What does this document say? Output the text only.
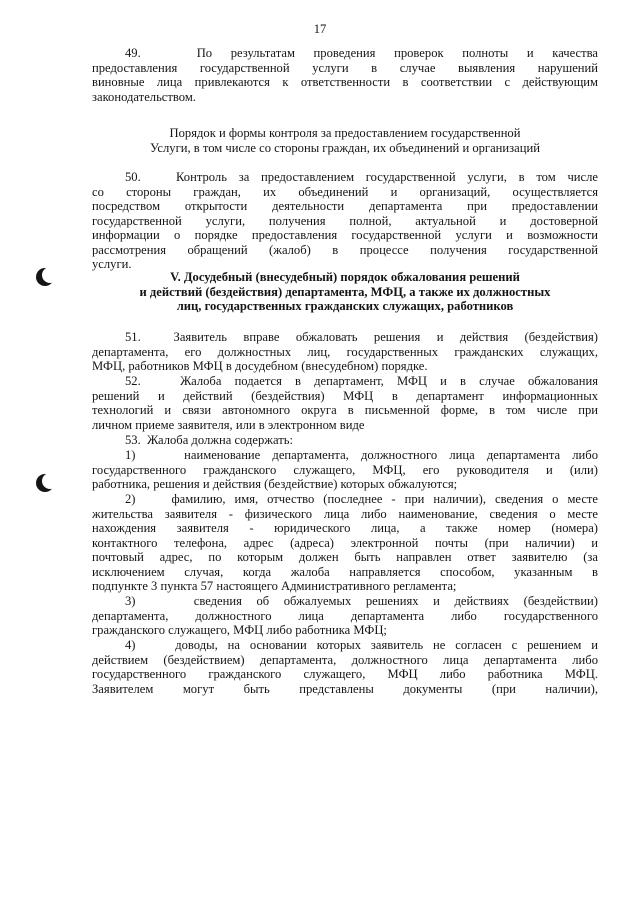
17

49.   По результатам проведения проверок полноты и качества

предоставления государственной услуги в случае выявления нарушений

виновные лица привлекаются к ответственности в соответствии с действующим

законодательством.

Порядок и формы контроля за предоставлением государственной

Услуги, в том числе со стороны граждан, их объединений и организаций

50.   Контроль за предоставлением государственной услуги, в том числе

со стороны граждан, их объединений и организаций, осуществляется

посредством открытости деятельности департамента при предоставлении

государственной услуги, получения полной, актуальной и достоверной

информации о порядке предоставления государственной услуги и возможности

рассмотрения обращений (жалоб) в процессе получения государственной

услуги.

V. Досудебный (внесудебный) порядок обжалования решений

и действий (бездействия) департамента, МФЦ, а также их должностных

лиц, государственных гражданских служащих, работников

51.  Заявитель вправе обжаловать решения и действия (бездействия)

департамента, его должностных лиц, государственных гражданских служащих,

МФЦ, работников МФЦ в досудебном (внесудебном) порядке.

52.   Жалоба подается в департамент, МФЦ и в случае обжалования

решений и действий (бездействия) МФЦ в департамент информационных

технологий и связи автономного округа в письменной форме, в том числе при

личном приеме заявителя, или в электронном виде

53.  Жалоба должна содержать:

1)    наименование департамента, должностного лица департамента либо

государственного гражданского служащего, МФЦ, его руководителя и (или)

работника, решения и действия (бездействие) которых обжалуются;

2)    фамилию, имя, отчество (последнее - при наличии), сведения о месте

жительства заявителя - физического лица либо наименование, сведения о месте

нахождения заявителя - юридического лица, а также номер (номера)

контактного телефона, адрес (адреса) электронной почты (при наличии) и

почтовый адрес, по которым должен быть направлен ответ заявителю (за

исключением случая, когда жалоба направляется способом, указанным в

подпункте 3 пункта 57 настоящего Административного регламента;

3)    сведения об обжалуемых решениях и действиях (бездействии)

департамента, должностного лица департамента либо государственного

гражданского служащего, МФЦ либо работника МФЦ;

4)    доводы, на основании которых заявитель не согласен с решением и

действием (бездействием) департамента, должностного лица департамента либо

государственного гражданского служащего, МФЦ либо работника МФЦ.

Заявителем могут быть представлены документы (при наличии),
